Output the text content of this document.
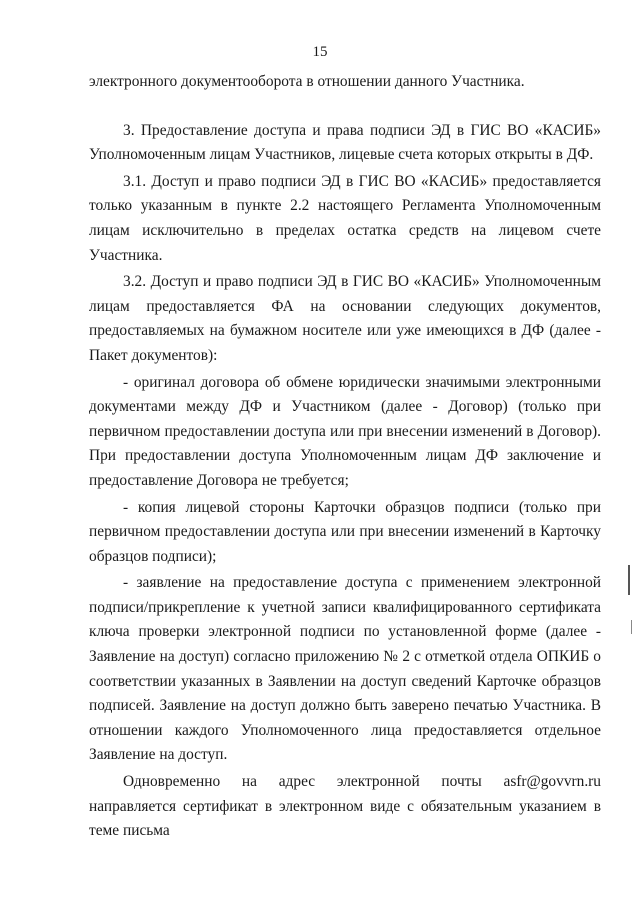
15

электронного документооборота в отношении данного Участника.

3. Предоставление доступа и права подписи ЭД в ГИС ВО «КАСИБ» Уполномоченным лицам Участников, лицевые счета которых открыты в ДФ.

3.1. Доступ и право подписи ЭД в ГИС ВО «КАСИБ» предоставляется только указанным в пункте 2.2 настоящего Регламента Уполномоченным лицам исключительно в пределах остатка средств на лицевом счете Участника.

3.2. Доступ и право подписи ЭД в ГИС ВО «КАСИБ» Уполномоченным лицам предоставляется ФА на основании следующих документов, предоставляемых на бумажном носителе или уже имеющихся в ДФ (далее - Пакет документов):

- оригинал договора об обмене юридически значимыми электронными документами между ДФ и Участником (далее - Договор) (только при первичном предоставлении доступа или при внесении изменений в Договор). При предоставлении доступа Уполномоченным лицам ДФ заключение и предоставление Договора не требуется;

- копия лицевой стороны Карточки образцов подписи (только при первичном предоставлении доступа или при внесении изменений в Карточку образцов подписи);

- заявление на предоставление доступа с применением электронной подписи/прикрепление к учетной записи квалифицированного сертификата ключа проверки электронной подписи по установленной форме (далее - Заявление на доступ) согласно приложению № 2 с отметкой отдела ОПКИБ о соответствии указанных в Заявлении на доступ сведений Карточке образцов подписей. Заявление на доступ должно быть заверено печатью Участника. В отношении каждого Уполномоченного лица предоставляется отдельное Заявление на доступ.

Одновременно на адрес электронной почты asfr@govvrn.ru направляется сертификат в электронном виде с обязательным указанием в теме письма
